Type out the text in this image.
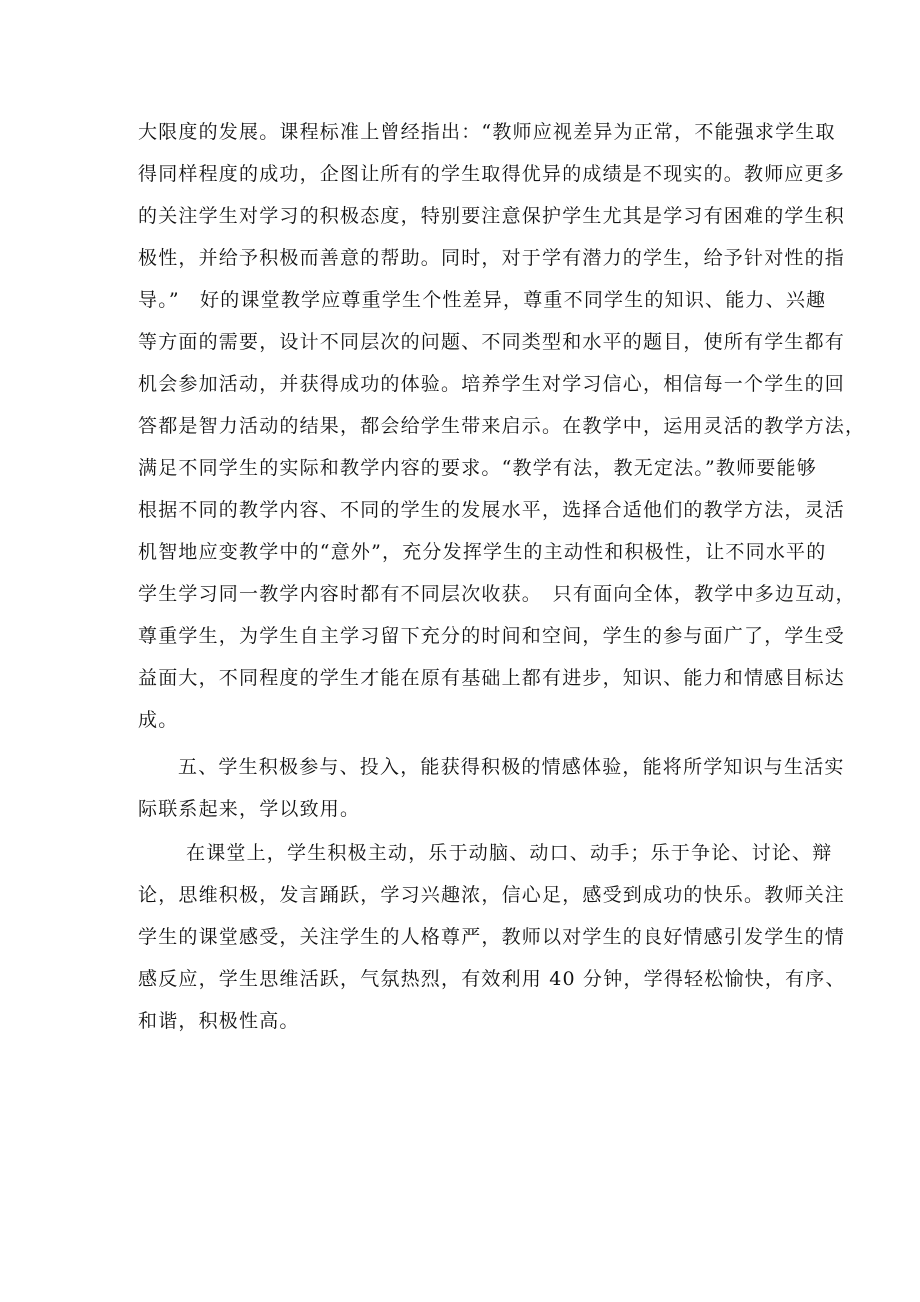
大限度的发展。课程标准上曾经指出：“教师应视差异为正常，不能强求学生取
得同样程度的成功，企图让所有的学生取得优异的成绩是不现实的。教师应更多
的关注学生对学习的积极态度，特别要注意保护学生尤其是学习有困难的学生积
极性，并给予积极而善意的帮助。同时，对于学有潜力的学生，给予针对性的指
导。”　好的课堂教学应尊重学生个性差异，尊重不同学生的知识、能力、兴趣
等方面的需要，设计不同层次的问题、不同类型和水平的题目，使所有学生都有
机会参加活动，并获得成功的体验。培养学生对学习信心，相信每一个学生的回
答都是智力活动的结果，都会给学生带来启示。在教学中，运用灵活的教学方法，
满足不同学生的实际和教学内容的要求。“教学有法，教无定法。”教师要能够
根据不同的教学内容、不同的学生的发展水平，选择合适他们的教学方法，灵活
机智地应变教学中的“意外”，充分发挥学生的主动性和积极性，让不同水平的
学生学习同一教学内容时都有不同层次收获。　只有面向全体，教学中多边互动，
尊重学生，为学生自主学习留下充分的时间和空间，学生的参与面广了，学生受
益面大，不同程度的学生才能在原有基础上都有进步，知识、能力和情感目标达
成。
五、学生积极参与、投入，能获得积极的情感体验，能将所学知识与生活实
际联系起来，学以致用。
在课堂上，学生积极主动，乐于动脑、动口、动手；乐于争论、讨论、辩
论，思维积极，发言踊跃，学习兴趣浓，信心足，感受到成功的快乐。教师关注
学生的课堂感受，关注学生的人格尊严，教师以对学生的良好情感引发学生的情
感反应，学生思维活跃，气氛热烈，有效利用 40 分钟，学得轻松愉快，有序、
和谐，积极性高。
